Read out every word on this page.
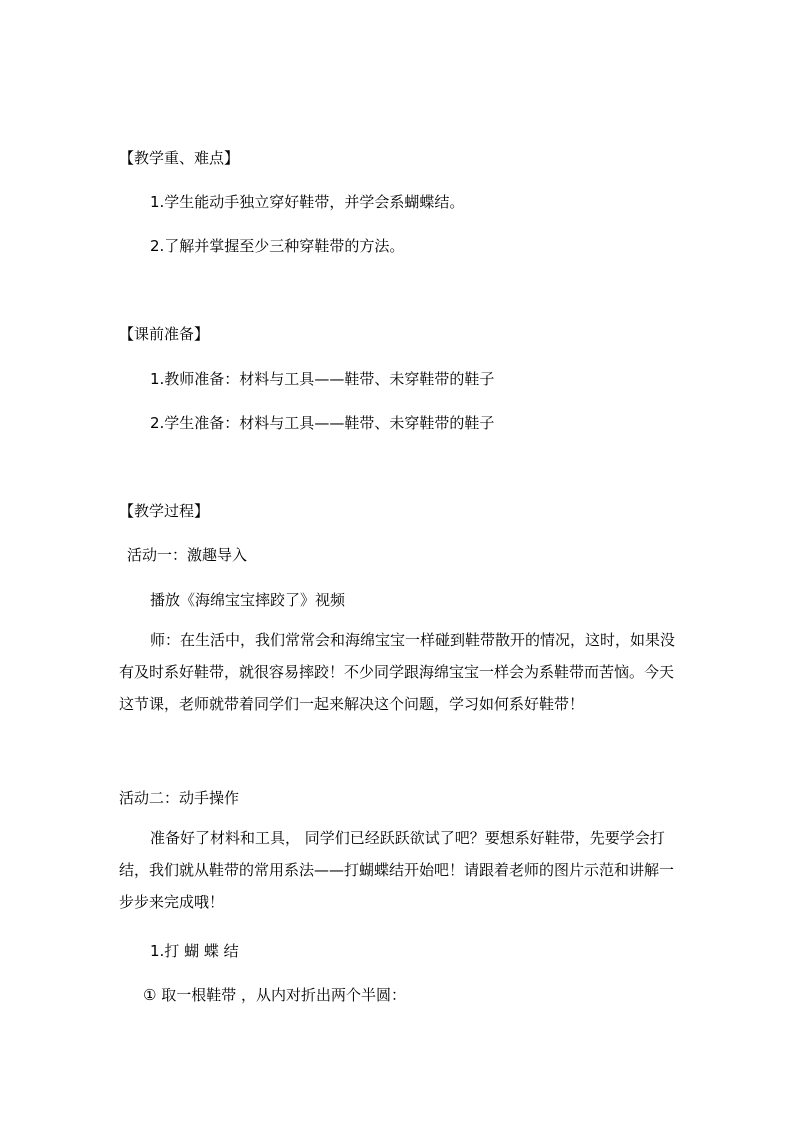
【教学重、难点】
1.学生能动手独立穿好鞋带，并学会系蝴蝶结。
2.了解并掌握至少三种穿鞋带的方法。
【课前准备】
1.教师准备：材料与工具——鞋带、未穿鞋带的鞋子
2.学生准备：材料与工具——鞋带、未穿鞋带的鞋子
【教学过程】
活动一：激趣导入
播放《海绵宝宝摔跤了》视频
师：在生活中，我们常常会和海绵宝宝一样碰到鞋带散开的情况，这时，如果没有及时系好鞋带，就很容易摔跤！不少同学跟海绵宝宝一样会为系鞋带而苦恼。今天这节课，老师就带着同学们一起来解决这个问题，学习如何系好鞋带！
活动二：动手操作
准备好了材料和工具， 同学们已经跃跃欲试了吧？要想系好鞋带，先要学会打结，我们就从鞋带的常用系法——打蝴蝶结开始吧！请跟着老师的图片示范和讲解一步步来完成哦！
1.打 蝴 蝶 结
① 取一根鞋带 ，从内对折出两个半圆：
